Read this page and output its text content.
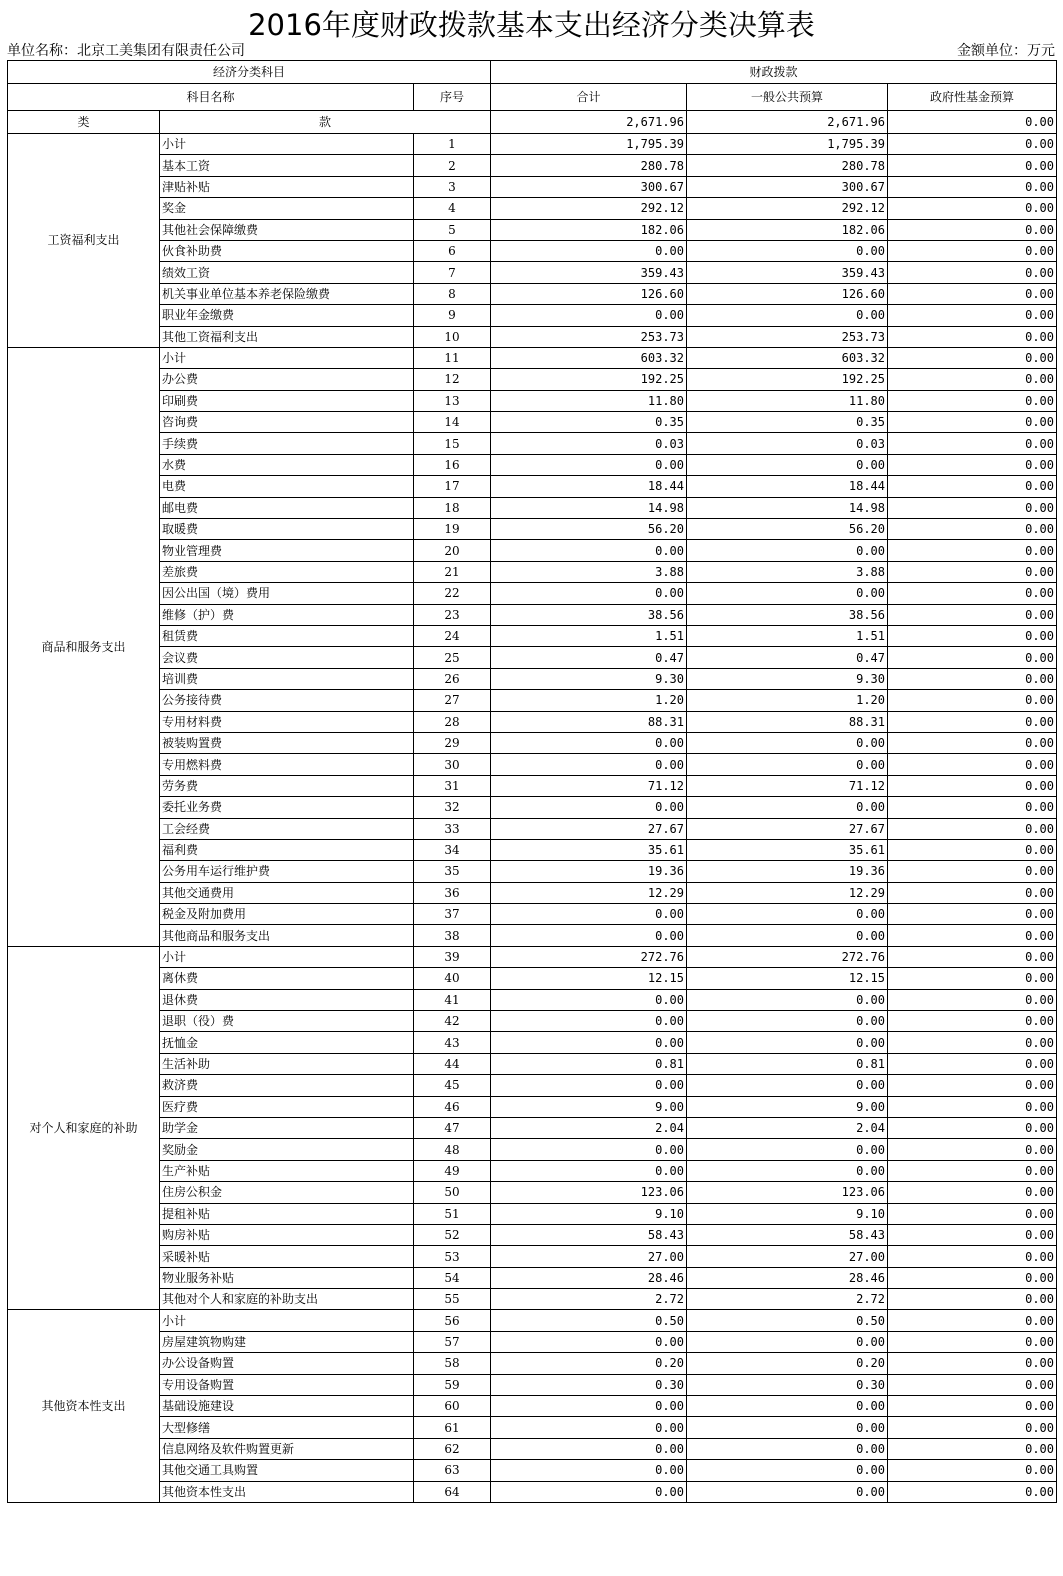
2016年度财政拨款基本支出经济分类决算表
单位名称：北京工美集团有限责任公司	金额单位：万元
经济分类科目			财政拨款		
科目名称		序号	合计	一般公共预算	政府性基金预算
类	款		2,671.96	2,671.96	0.00
工资福利支出	小计	1	1,795.39	1,795.39	0.00
	基本工资	2	280.78	280.78	0.00
	津贴补贴	3	300.67	300.67	0.00
	奖金	4	292.12	292.12	0.00
	其他社会保障缴费	5	182.06	182.06	0.00
	伙食补助费	6	0.00	0.00	0.00
	绩效工资	7	359.43	359.43	0.00
	机关事业单位基本养老保险缴费	8	126.60	126.60	0.00
	职业年金缴费	9	0.00	0.00	0.00
	其他工资福利支出	10	253.73	253.73	0.00
商品和服务支出	小计	11	603.32	603.32	0.00
	办公费	12	192.25	192.25	0.00
	印刷费	13	11.80	11.80	0.00
	咨询费	14	0.35	0.35	0.00
	手续费	15	0.03	0.03	0.00
	水费	16	0.00	0.00	0.00
	电费	17	18.44	18.44	0.00
	邮电费	18	14.98	14.98	0.00
	取暖费	19	56.20	56.20	0.00
	物业管理费	20	0.00	0.00	0.00
	差旅费	21	3.88	3.88	0.00
	因公出国（境）费用	22	0.00	0.00	0.00
	维修（护）费	23	38.56	38.56	0.00
	租赁费	24	1.51	1.51	0.00
	会议费	25	0.47	0.47	0.00
	培训费	26	9.30	9.30	0.00
	公务接待费	27	1.20	1.20	0.00
	专用材料费	28	88.31	88.31	0.00
	被装购置费	29	0.00	0.00	0.00
	专用燃料费	30	0.00	0.00	0.00
	劳务费	31	71.12	71.12	0.00
	委托业务费	32	0.00	0.00	0.00
	工会经费	33	27.67	27.67	0.00
	福利费	34	35.61	35.61	0.00
	公务用车运行维护费	35	19.36	19.36	0.00
	其他交通费用	36	12.29	12.29	0.00
	税金及附加费用	37	0.00	0.00	0.00
	其他商品和服务支出	38	0.00	0.00	0.00
对个人和家庭的补助	小计	39	272.76	272.76	0.00
	离休费	40	12.15	12.15	0.00
	退休费	41	0.00	0.00	0.00
	退职（役）费	42	0.00	0.00	0.00
	抚恤金	43	0.00	0.00	0.00
	生活补助	44	0.81	0.81	0.00
	救济费	45	0.00	0.00	0.00
	医疗费	46	9.00	9.00	0.00
	助学金	47	2.04	2.04	0.00
	奖励金	48	0.00	0.00	0.00
	生产补贴	49	0.00	0.00	0.00
	住房公积金	50	123.06	123.06	0.00
	提租补贴	51	9.10	9.10	0.00
	购房补贴	52	58.43	58.43	0.00
	采暖补贴	53	27.00	27.00	0.00
	物业服务补贴	54	28.46	28.46	0.00
	其他对个人和家庭的补助支出	55	2.72	2.72	0.00
其他资本性支出	小计	56	0.50	0.50	0.00
	房屋建筑物购建	57	0.00	0.00	0.00
	办公设备购置	58	0.20	0.20	0.00
	专用设备购置	59	0.30	0.30	0.00
	基础设施建设	60	0.00	0.00	0.00
	大型修缮	61	0.00	0.00	0.00
	信息网络及软件购置更新	62	0.00	0.00	0.00
	其他交通工具购置	63	0.00	0.00	0.00
	其他资本性支出	64	0.00	0.00	0.00
